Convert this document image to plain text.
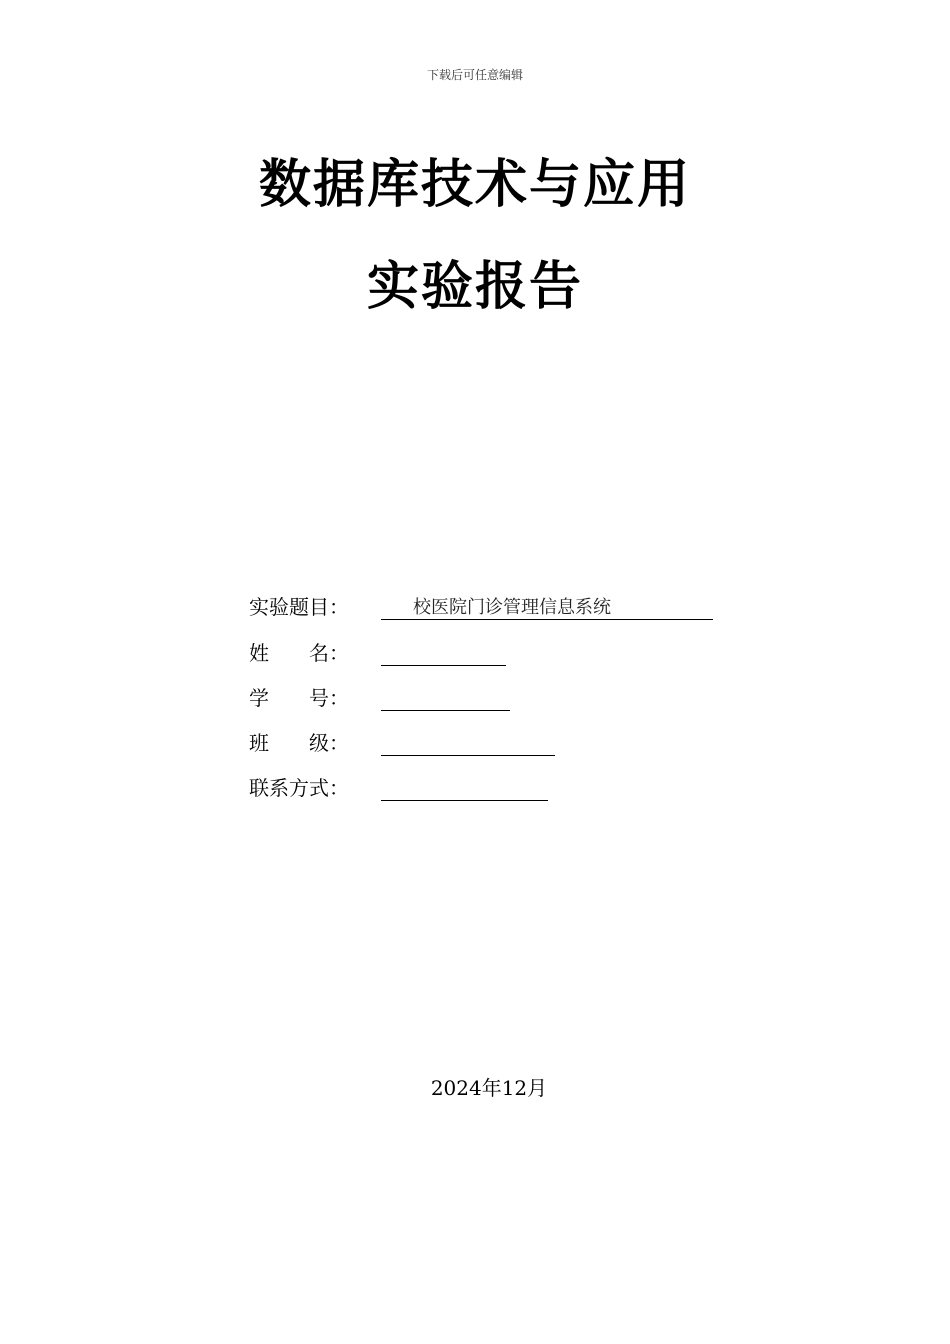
下载后可任意编辑
数据库技术与应用
实验报告
实验题目：	校医院门诊管理信息系统
姓　　名：
学　　号：
班　　级：
联系方式：
2024年12月
